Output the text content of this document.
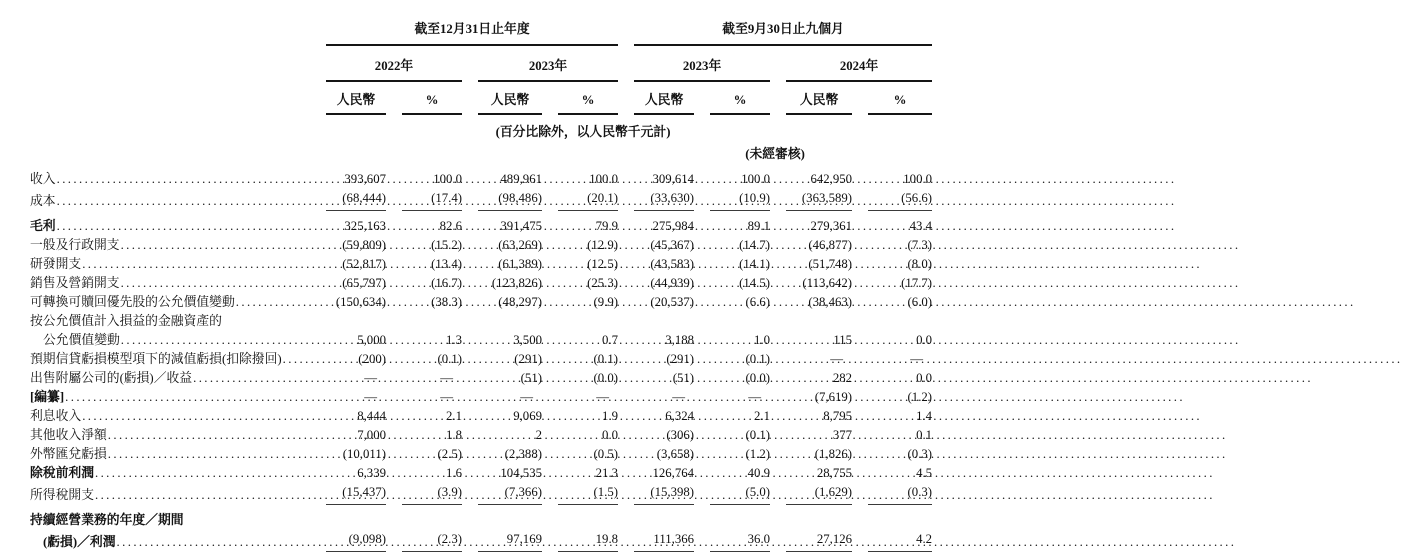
	截至12月31日止年度				截至9月30日止九個月			

	2022年		2023年		2023年		2024年	

	人民幣	%	人民幣	%	人民幣	%	人民幣	%

	(百分比除外，以人民幣千元計)							

					(未經審核)			

收入
.....	393,607	100.0	489,961	100.0	309,614	100.0	642,950	100.0

成本
.....	(68,444)	(17.4)	(98,486)	(20.1)	(33,630)	(10.9)	(363,589)	(56.6)

毛利
.....	325,163	82.6	391,475	79.9	275,984	89.1	279,361	43.4

一般及行政開支
.....	(59,809)	(15.2)	(63,269)	(12.9)	(45,367)	(14.7)	(46,877)	(7.3)

研發開支
.....	(52,817)	(13.4)	(61,389)	(12.5)	(43,583)	(14.1)	(51,748)	(8.0)

銷售及營銷開支
.....	(65,797)	(16.7)	(123,826)	(25.3)	(44,939)	(14.5)	(113,642)	(17.7)

可轉換可贖回優先股的公允價值變動
.....	(150,634)	(38.3)	(48,297)	(9.9)	(20,537)	(6.6)	(38,463)	(6.0)

按公允價值計入損益的金融資產的								

公允價值變動
.....	5,000	1.3	3,500	0.7	3,188	1.0	115	0.0

預期信貸虧損模型項下的減值虧損(扣除撥回)
.....	(200)	(0.1)	(291)	(0.1)	(291)	(0.1)	—	—

出售附屬公司的(虧損)／收益
.....	—	—	(51)	(0.0)	(51)	(0.0)	282	0.0

[編纂]
.....	—	—	—	—	—	—	(7,619)	(1.2)

利息收入
.....	8,444	2.1	9,069	1.9	6,324	2.1	8,795	1.4

其他收入淨額
.....	7,000	1.8	2	0.0	(306)	(0.1)	377	0.1

外幣匯兌虧損
.....	(10,011)	(2.5)	(2,388)	(0.5)	(3,658)	(1.2)	(1,826)	(0.3)

除稅前利潤
.....	6,339	1.6	104,535	21.3	126,764	40.9	28,755	4.5

所得稅開支
.....	(15,437)	(3.9)	(7,366)	(1.5)	(15,398)	(5.0)	(1,629)	(0.3)

持續經營業務的年度／期間								

(虧損)／利潤
.....	(9,098)	(2.3)	97,169	19.8	111,366	36.0	27,126	4.2
